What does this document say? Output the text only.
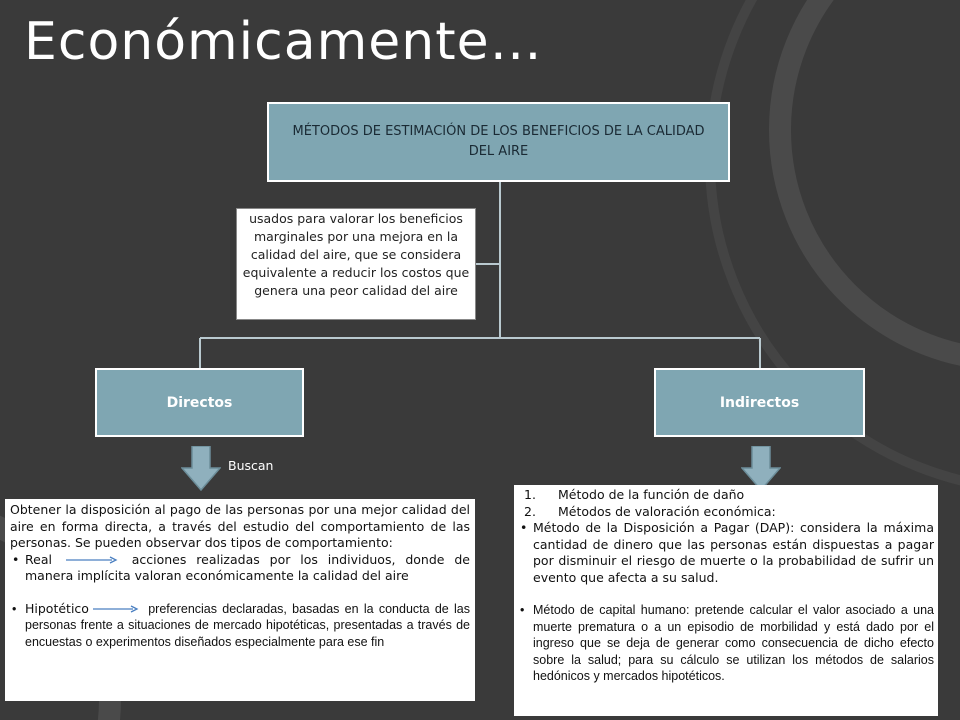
Económicamente…
MÉTODOS DE ESTIMACIÓN DE LOS BENEFICIOS DE LA CALIDAD DEL AIRE
usados para valorar los beneficios marginales por una mejora en la calidad del aire, que se considera equivalente a reducir los costos que genera una peor calidad del aire
Directos	Indirectos
Buscan
Obtener la disposición al pago de las personas por una mejor calidad del aire en forma directa, a través del estudio del comportamiento de las personas. Se pueden observar dos tipos de comportamiento:
• Real	acciones realizadas por los individuos, donde de manera implícita valoran económicamente la calidad del aire
• Hipotético	preferencias declaradas, basadas en la conducta de las personas frente a situaciones de mercado hipotéticas, presentadas a través de encuestas o experimentos diseñados especialmente para ese fin
1. Método de la función de daño
2. Métodos de valoración económica:
• Método de la Disposición a Pagar (DAP): considera la máxima cantidad de dinero que las personas están dispuestas a pagar por disminuir el riesgo de muerte o la probabilidad de sufrir un evento que afecta a su salud.
• Método de capital humano: pretende calcular el valor asociado a una muerte prematura o a un episodio de morbilidad y está dado por el ingreso que se deja de generar como consecuencia de dicho efecto sobre la salud; para su cálculo se utilizan los métodos de salarios hedónicos y mercados hipotéticos.
